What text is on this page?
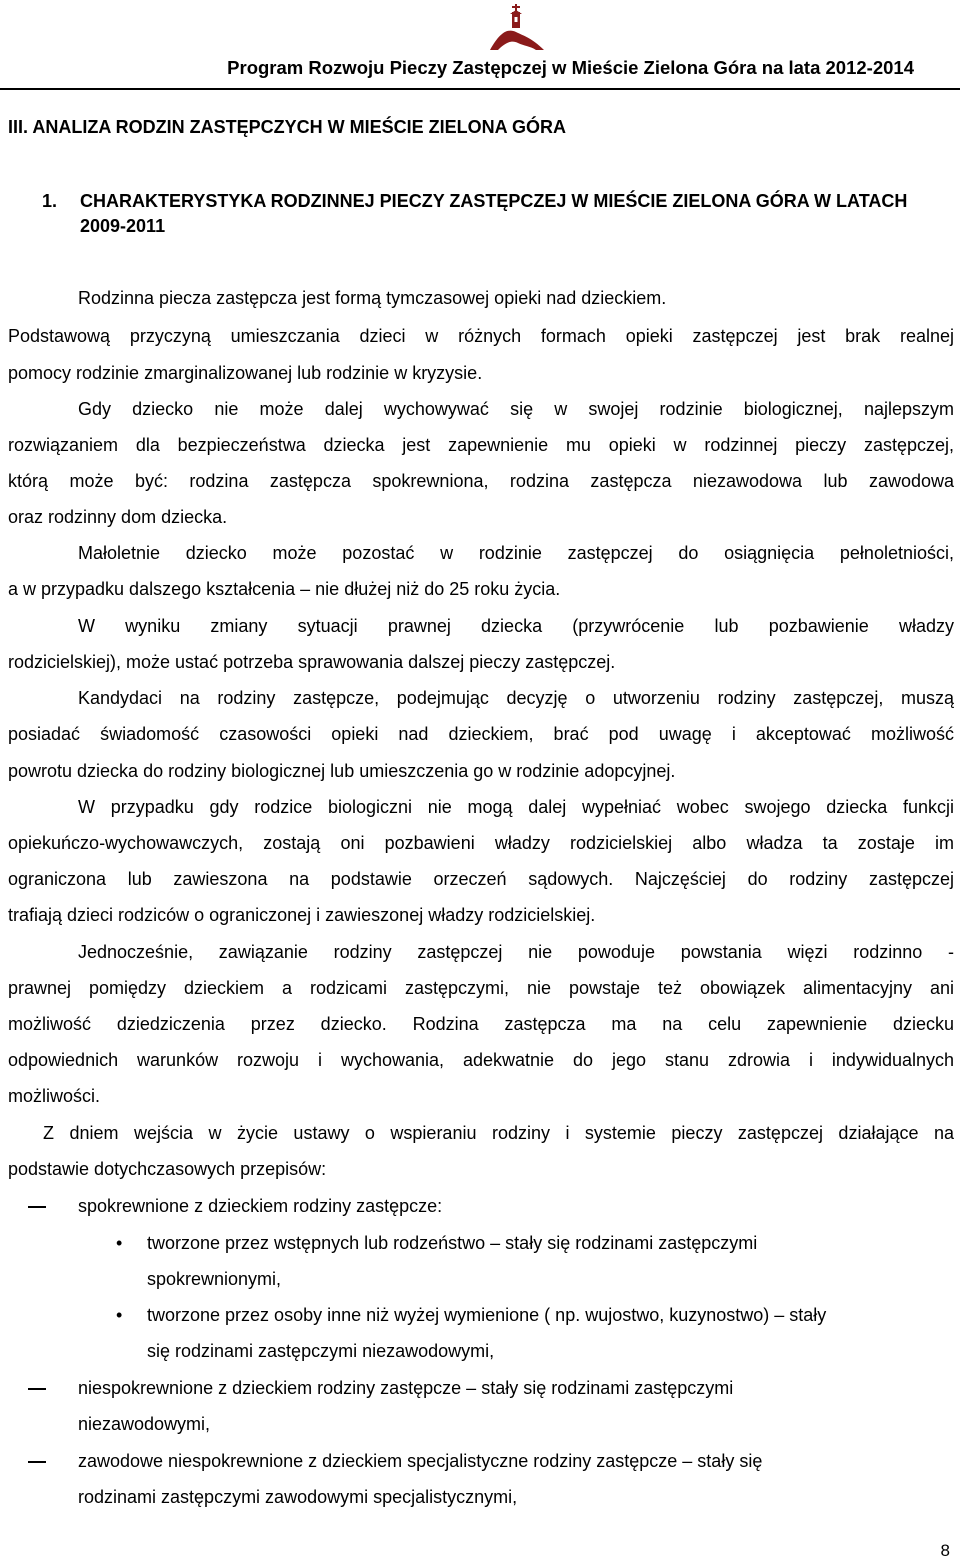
Program Rozwoju Pieczy Zastępczej w Mieście Zielona Góra na lata 2012-2014
III. ANALIZA RODZIN ZASTĘPCZYCH W MIEŚCIE ZIELONA GÓRA
1. CHARAKTERYSTYKA RODZINNEJ PIECZY ZASTĘPCZEJ W MIEŚCIE ZIELONA GÓRA W LATACH 2009-2011
Rodzinna piecza zastępcza jest formą tymczasowej opieki nad dzieckiem.
Podstawową przyczyną umieszczania dzieci w różnych formach opieki zastępczej jest brak realnej
pomocy rodzinie zmarginalizowanej lub rodzinie w kryzysie.
Gdy dziecko nie może dalej wychowywać się w swojej rodzinie biologicznej, najlepszym
rozwiązaniem dla bezpieczeństwa dziecka jest zapewnienie mu opieki w rodzinnej pieczy zastępczej,
którą może być: rodzina zastępcza spokrewniona, rodzina zastępcza niezawodowa lub zawodowa
oraz rodzinny dom dziecka.
Małoletnie dziecko może pozostać w rodzinie zastępczej do osiągnięcia pełnoletniości,
a w przypadku dalszego kształcenia – nie dłużej niż do 25 roku życia.
W wyniku zmiany sytuacji prawnej dziecka (przywrócenie lub pozbawienie władzy
rodzicielskiej), może ustać potrzeba sprawowania dalszej pieczy zastępczej.
Kandydaci na rodziny zastępcze, podejmując decyzję o utworzeniu rodziny zastępczej, muszą
posiadać świadomość czasowości opieki nad dzieckiem, brać pod uwagę i akceptować możliwość
powrotu dziecka do rodziny biologicznej lub umieszczenia go w rodzinie adopcyjnej.
W przypadku gdy rodzice biologiczni nie mogą dalej wypełniać wobec swojego dziecka funkcji
opiekuńczo-wychowawczych, zostają oni pozbawieni władzy rodzicielskiej albo władza ta zostaje im
ograniczona lub zawieszona na podstawie orzeczeń sądowych. Najczęściej do rodziny zastępczej
trafiają dzieci rodziców o ograniczonej i zawieszonej władzy rodzicielskiej.
Jednocześnie, zawiązanie rodziny zastępczej nie powoduje powstania więzi rodzinno -
prawnej pomiędzy dzieckiem a rodzicami zastępczymi, nie powstaje też obowiązek alimentacyjny ani
możliwość dziedziczenia przez dziecko. Rodzina zastępcza ma na celu zapewnienie dziecku
odpowiednich warunków rozwoju i wychowania, adekwatnie do jego stanu zdrowia i indywidualnych
możliwości.
Z dniem wejścia w życie ustawy o wspieraniu rodziny i systemie pieczy zastępczej działające na
podstawie dotychczasowych przepisów:
spokrewnione z dzieckiem rodziny zastępcze:
• tworzone przez wstępnych lub rodzeństwo – stały się rodzinami zastępczymi
spokrewnionymi,
• tworzone przez osoby inne niż wyżej wymienione ( np. wujostwo, kuzynostwo) – stały
się rodzinami zastępczymi niezawodowymi,
niespokrewnione z dzieckiem rodziny zastępcze – stały się rodzinami zastępczymi
niezawodowymi,
zawodowe niespokrewnione z dzieckiem specjalistyczne rodziny zastępcze – stały się
rodzinami zastępczymi zawodowymi specjalistycznymi,
8
